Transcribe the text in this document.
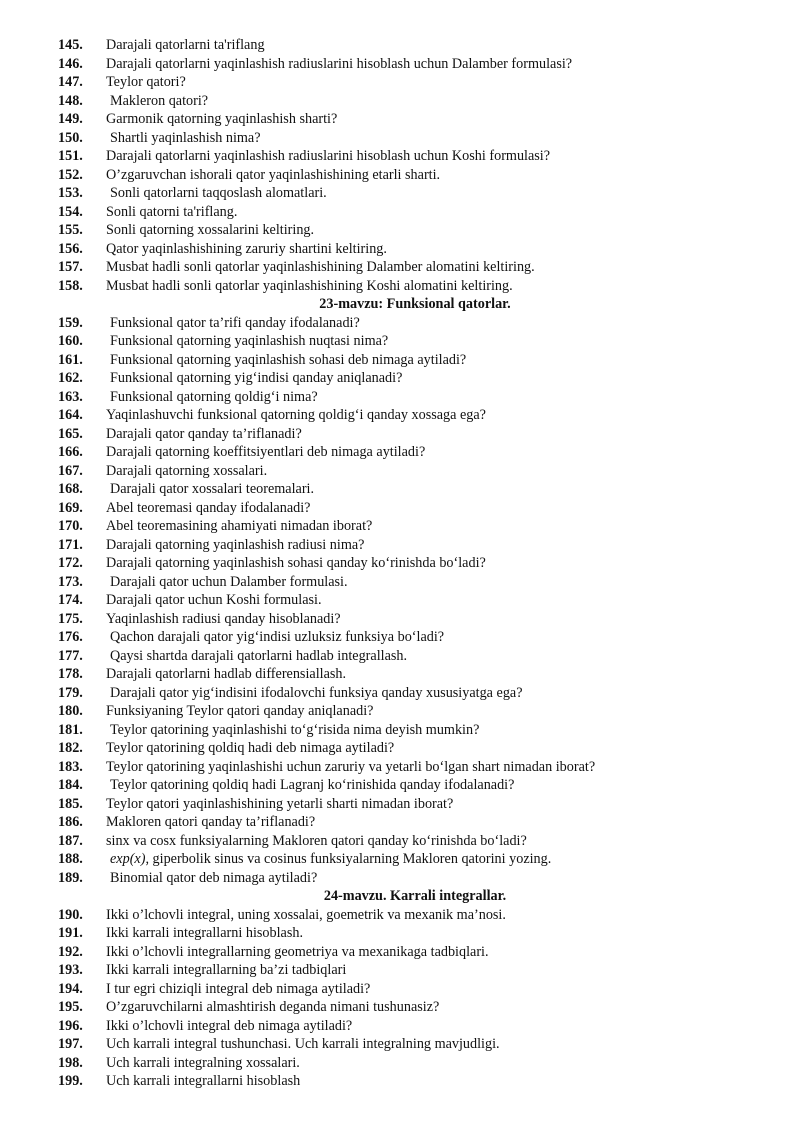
145.	Darajali qatorlarni ta'riflang
146.	Darajali qatorlarni yaqinlashish radiuslarini hisoblash uchun Dalamber formulasi?
147.	Teylor qatori?
148.	Makleron qatori?
149.	Garmonik qatorning yaqinlashish sharti?
150.	Shartli yaqinlashish nima?
151.	Darajali qatorlarni yaqinlashish radiuslarini hisoblash uchun Koshi formulasi?
152.	O’zgaruvchan ishorali qator yaqinlashishining etarli sharti.
153.	Sonli qatorlarni taqqoslash alomatlari.
154.	Sonli qatorni ta'riflang.
155.	Sonli qatorning xossalarini keltiring.
156.	Qator yaqinlashishining zaruriy shartini keltiring.
157.	Musbat hadli sonli qatorlar yaqinlashishining Dalamber alomatini keltiring.
158.	Musbat hadli sonli qatorlar yaqinlashishining Koshi alomatini keltiring.
23-mavzu: Funksional qatorlar.
159.	Funksional qator ta’rifi qanday ifodalanadi?
160.	Funksional qatorning yaqinlashish nuqtasi nima?
161.	Funksional qatorning yaqinlashish sohasi deb nimaga aytiladi?
162.	Funksional qatorning yig‘indisi qanday aniqlanadi?
163.	Funksional qatorning qoldig‘i nima?
164.	Yaqinlashuvchi funksional qatorning qoldig‘i qanday xossaga ega?
165.	Darajali qator qanday ta’riflanadi?
166.	Darajali qatorning koeffitsiyentlari deb nimaga aytiladi?
167.	Darajali qatorning xossalari.
168.	Darajali qator xossalari teoremalari.
169.	Abel teoremasi qanday ifodalanadi?
170.	Abel teoremasining ahamiyati nimadan iborat?
171.	Darajali qatorning yaqinlashish radiusi nima?
172.	Darajali qatorning yaqinlashish sohasi qanday ko‘rinishda bo‘ladi?
173.	Darajali qator uchun Dalamber formulasi.
174.	Darajali qator uchun Koshi formulasi.
175.	Yaqinlashish radiusi qanday hisoblanadi?
176.	Qachon darajali qator yig‘indisi uzluksiz funksiya bo‘ladi?
177.	Qaysi shartda darajali qatorlarni hadlab integrallash.
178.	Darajali qatorlarni hadlab differensiallash.
179.	Darajali qator yig‘indisini ifodalovchi funksiya qanday xususiyatga ega?
180.	Funksiyaning Teylor qatori qanday aniqlanadi?
181.	Teylor qatorining yaqinlashishi to‘g‘risida nima deyish mumkin?
182.	Teylor qatorining qoldiq hadi deb nimaga aytiladi?
183.	Teylor qatorining yaqinlashishi uchun zaruriy va yetarli bo‘lgan shart nimadan iborat?
184.	Teylor qatorining qoldiq hadi Lagranj ko‘rinishida qanday ifodalanadi?
185.	Teylor qatori yaqinlashishining yetarli sharti nimadan iborat?
186.	Makloren qatori qanday ta’riflanadi?
187.	sinx va cosx funksiyalarning Makloren qatori qanday ko‘rinishda bo‘ladi?
188.	exp(x), giperbolik sinus va cosinus funksiyalarning Makloren qatorini yozing.
189.	Binomial qator deb nimaga aytiladi?
24-mavzu. Karrali integrallar.
190.	Ikki o’lchovli integral, uning xossalai, goemetrik va mexanik ma’nosi.
191.	Ikki karrali integrallarni hisoblash.
192.	Ikki o’lchovli integrallarning geometriya va mexanikaga tadbiqlari.
193.	Ikki karrali integrallarning ba’zi tadbiqlari
194.	I tur egri chiziqli integral deb nimaga aytiladi?
195.	O’zgaruvchilarni almashtirish deganda nimani tushunasiz?
196.	Ikki o’lchovli integral deb nimaga aytiladi?
197.	Uch karrali integral tushunchasi. Uch karrali integralning mavjudligi.
198.	Uch karrali integralning xossalari.
199.	Uch karrali integrallarni hisoblash
